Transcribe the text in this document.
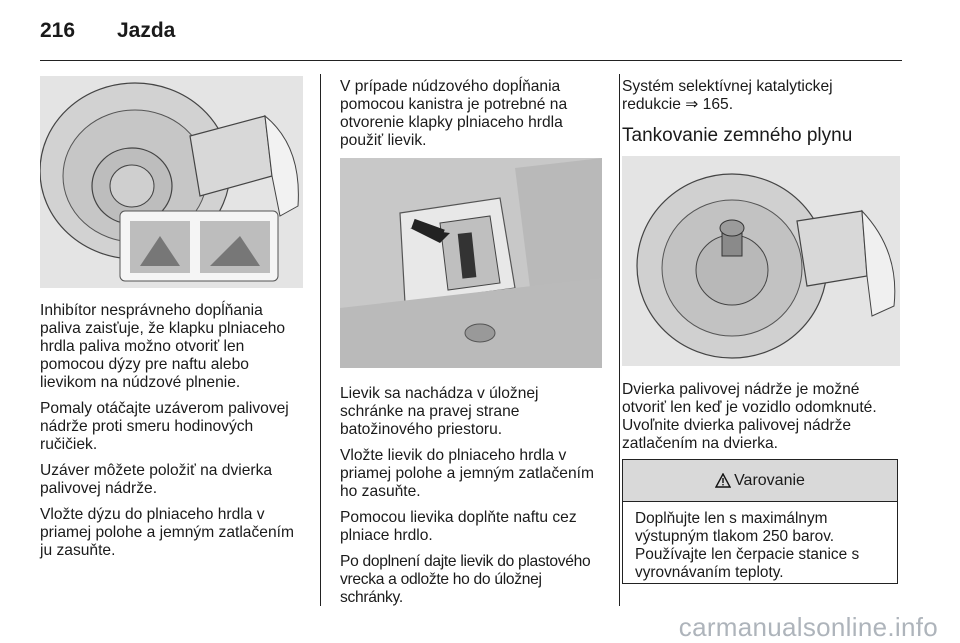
216 Jazda

Inhibítor nesprávneho dopĺňania
paliva zaisťuje, že klapku plniaceho
hrdla paliva možno otvoriť len
pomocou dýzy pre naftu alebo
lievikom na núdzové plnenie.

Pomaly otáčajte uzáverom palivovej
nádrže proti smeru hodinových
ručičiek.

Uzáver môžete položiť na dvierka
palivovej nádrže.

Vložte dýzu do plniaceho hrdla v
priamej polohe a jemným zatlačením
ju zasuňte.

V prípade núdzového dopĺňania
pomocou kanistra je potrebné na
otvorenie klapky plniaceho hrdla
použiť lievik.

Lievik sa nachádza v úložnej
schránke na pravej strane
batožinového priestoru.

Vložte lievik do plniaceho hrdla v
priamej polohe a jemným zatlačením
ho zasuňte.

Pomocou lievika doplňte naftu cez
plniace hrdlo.

Po doplnení dajte lievik do plastového
vrecka a odložte ho do úložnej
schránky.

Systém selektívnej katalytickej
redukcie ⇒ 165.

Tankovanie zemného plynu

Dvierka palivovej nádrže je možné
otvoriť len keď je vozidlo odomknuté.
Uvoľnite dvierka palivovej nádrže
zatlačením na dvierka.

Varovanie
Doplňujte len s maximálnym
výstupným tlakom 250 barov.
Používajte len čerpacie stanice s
vyrovnávaním teploty.
carmanualsonline.info
